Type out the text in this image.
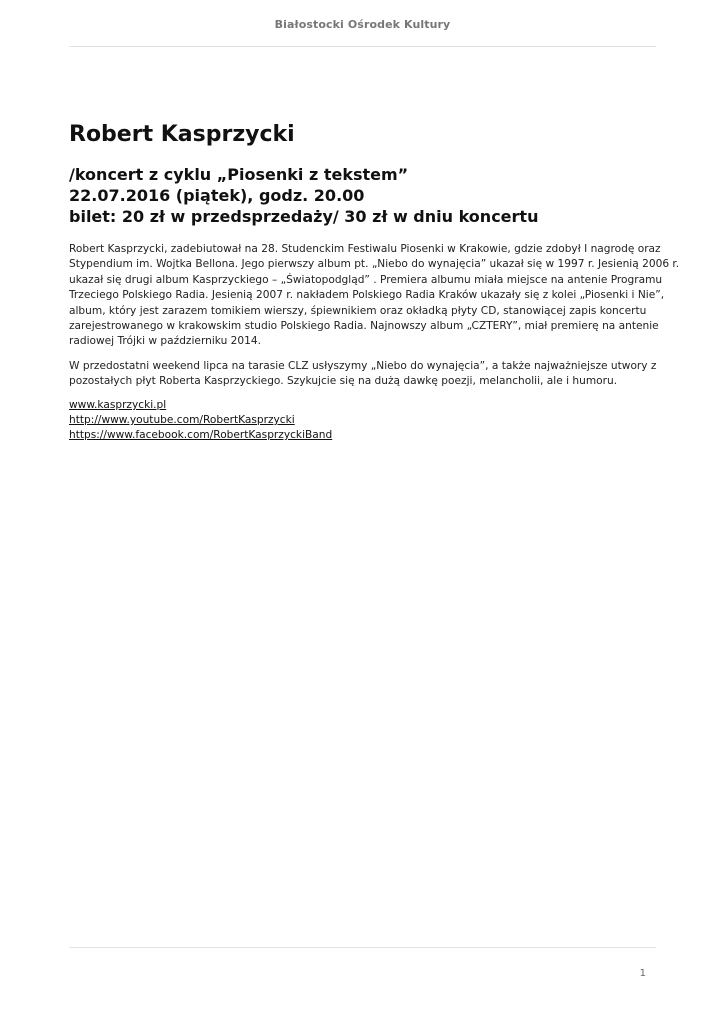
Białostocki Ośrodek Kultury
Robert Kasprzycki
/koncert z cyklu „Piosenki z tekstem”
22.07.2016 (piątek), godz. 20.00
bilet: 20 zł w przedsprzedaży/ 30 zł w dniu koncertu

Robert Kasprzycki, zadebiutował na 28. Studenckim Festiwalu Piosenki w Krakowie, gdzie zdobył I nagrodę oraz
Stypendium im. Wojtka Bellona. Jego pierwszy album pt. „Niebo do wynajęcia” ukazał się w 1997 r. Jesienią 2006 r.
ukazał się drugi album Kasprzyckiego – „Światopodgląd” . Premiera albumu miała miejsce na antenie Programu
Trzeciego Polskiego Radia. Jesienią 2007 r. nakładem Polskiego Radia Kraków ukazały się z kolei „Piosenki i Nie”,
album, który jest zarazem tomikiem wierszy, śpiewnikiem oraz okładką płyty CD, stanowiącej zapis koncertu
zarejestrowanego w krakowskim studio Polskiego Radia. Najnowszy album „CZTERY”, miał premierę na antenie
radiowej Trójki w październiku 2014.

W przedostatni weekend lipca na tarasie CLZ usłyszymy „Niebo do wynajęcia”, a także najważniejsze utwory z
pozostałych płyt Roberta Kasprzyckiego. Szykujcie się na dużą dawkę poezji, melancholii, ale i humoru.

www.kasprzycki.pl
http://www.youtube.com/RobertKasprzycki
https://www.facebook.com/RobertKasprzyckiBand
1
